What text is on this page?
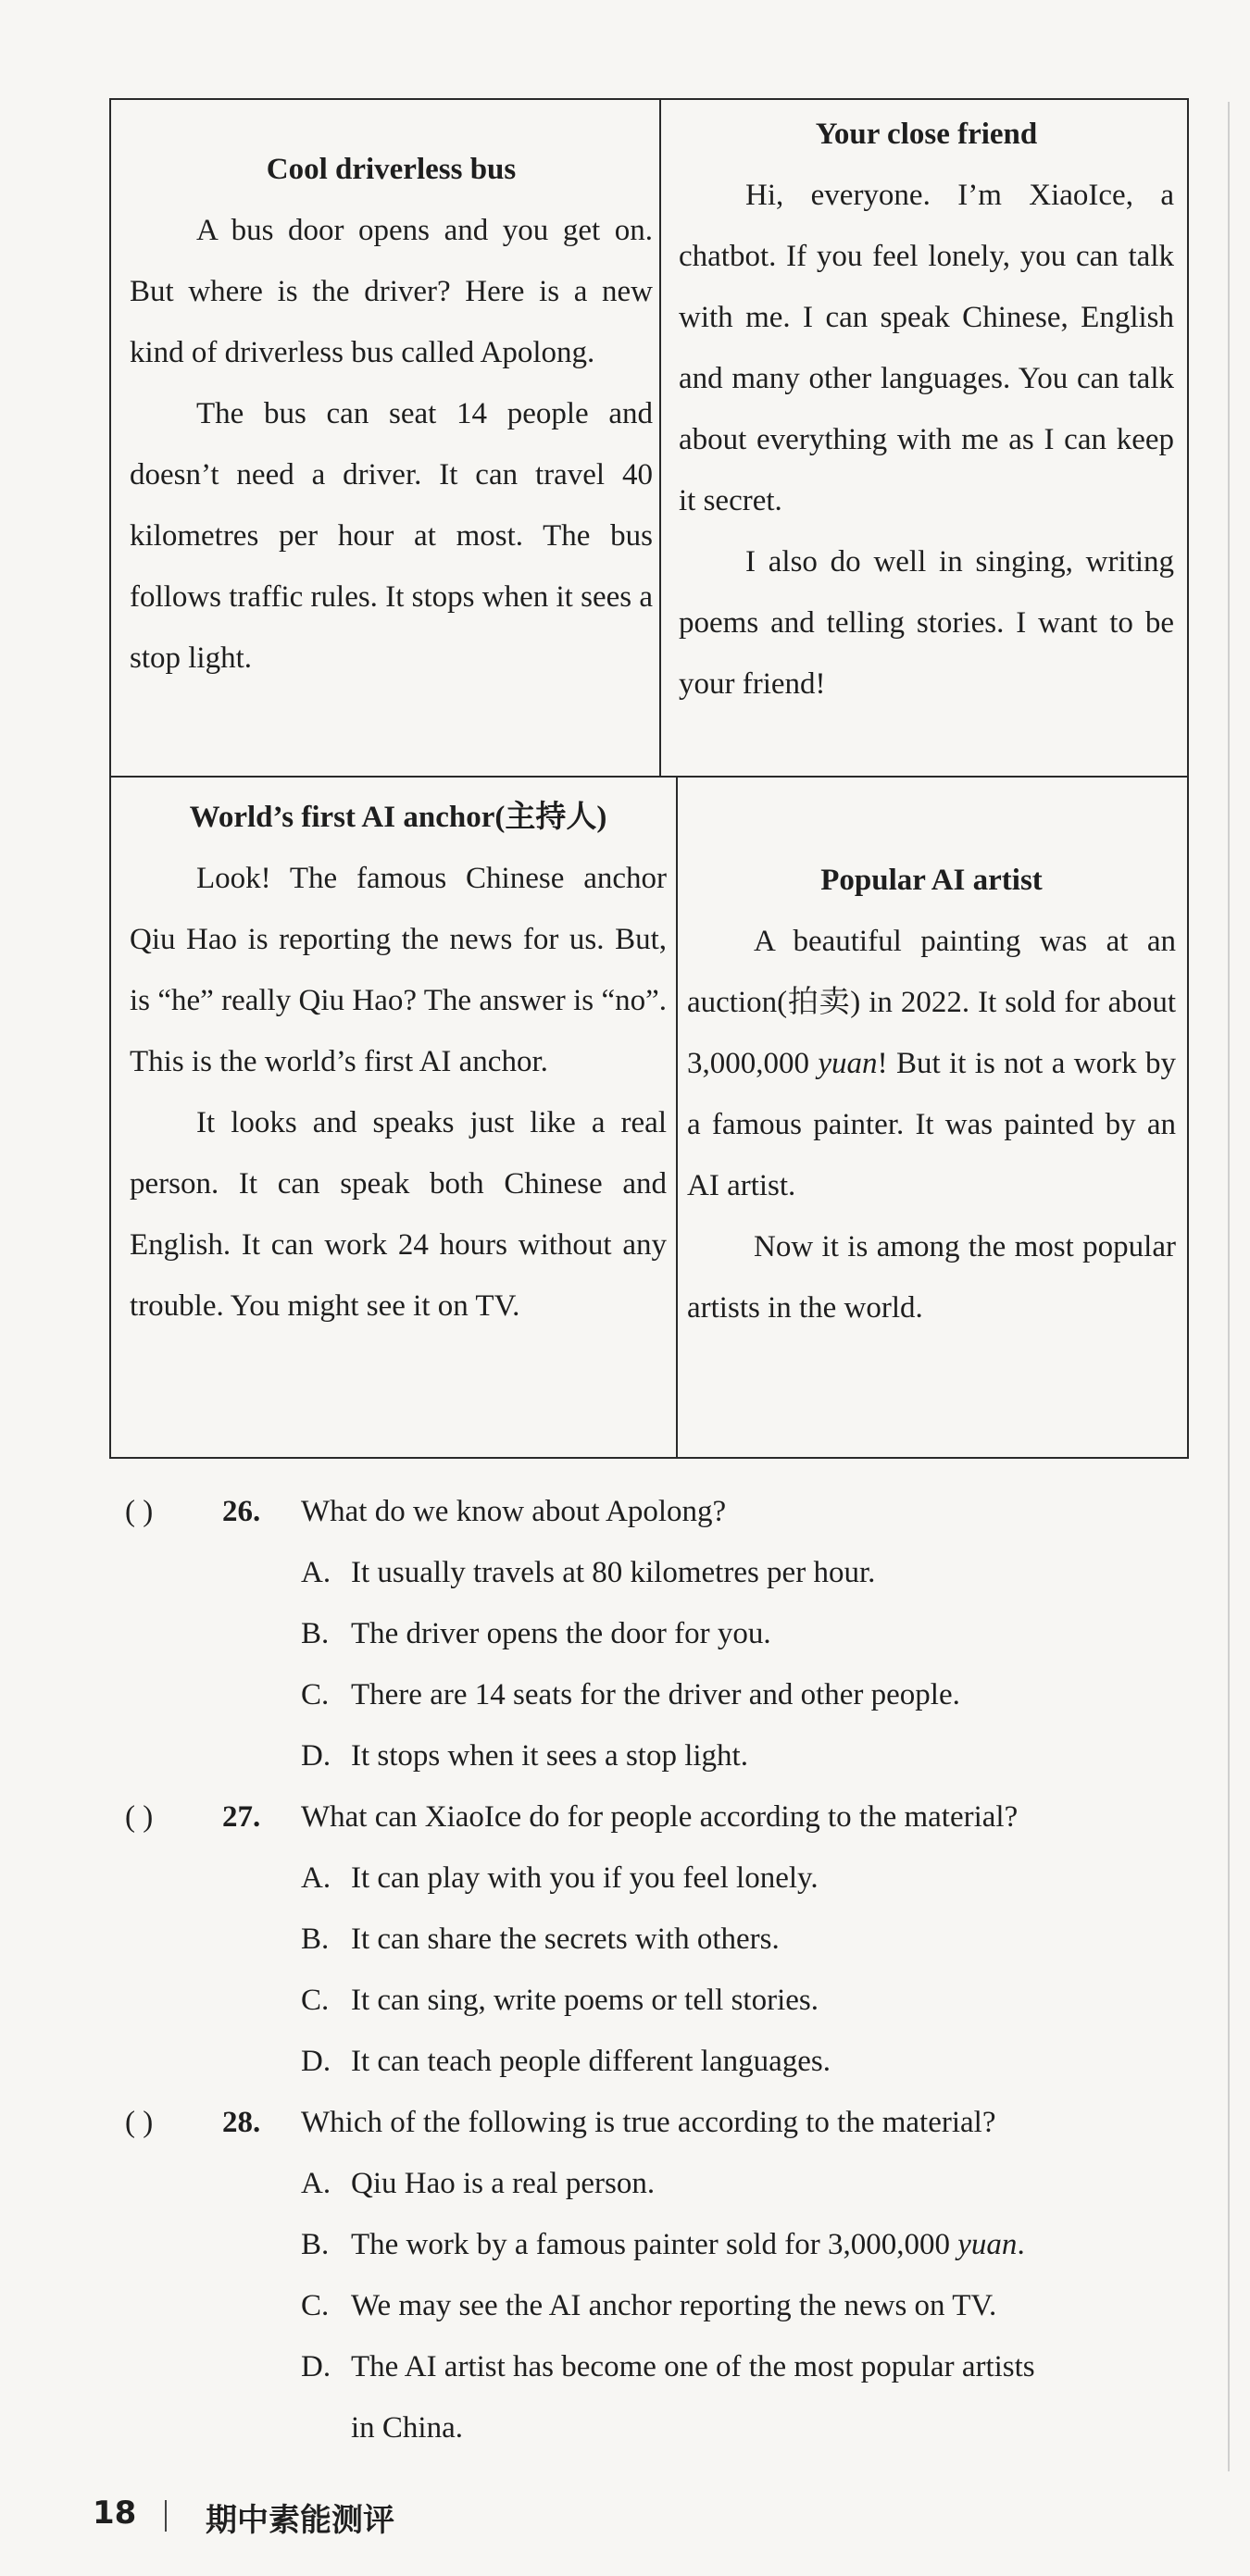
Cool driverless bus

A bus door opens and you get on. But where is the driver? Here is a new kind of driverless bus called Apolong.

The bus can seat 14 people and doesn’t need a driver. It can travel 40 kilometres per hour at most. The bus follows traffic rules. It stops when it sees a stop light.

Your close friend

Hi, everyone. I’m XiaoIce, a chatbot. If you feel lonely, you can talk with me. I can speak Chinese, English and many other languages. You can talk about everything with me as I can keep it secret.

I also do well in singing, writing poems and telling stories. I want to be your friend!

World’s first AI anchor(主持人)

Look! The famous Chinese anchor Qiu Hao is reporting the news for us. But, is “he” really Qiu Hao? The answer is “no”. This is the world’s first AI anchor.

It looks and speaks just like a real person. It can speak both Chinese and English. It can work 24 hours without any trouble. You might see it on TV.

Popular AI artist

A beautiful painting was at an auction(拍卖) in 2022. It sold for about 3,000,000 yuan! But it is not a work by a famous painter. It was painted by an AI artist.

Now it is among the most popular artists in the world.

( ) 26. What do we know about Apolong?
A. It usually travels at 80 kilometres per hour.
B. The driver opens the door for you.
C. There are 14 seats for the driver and other people.
D. It stops when it sees a stop light.
( ) 27. What can XiaoIce do for people according to the material?
A. It can play with you if you feel lonely.
B. It can share the secrets with others.
C. It can sing, write poems or tell stories.
D. It can teach people different languages.
( ) 28. Which of the following is true according to the material?
A. Qiu Hao is a real person.
B. The work by a famous painter sold for 3,000,000 yuan.
C. We may see the AI anchor reporting the news on TV.
D. The AI artist has become one of the most popular artists
in China.
18 期中素能测评
